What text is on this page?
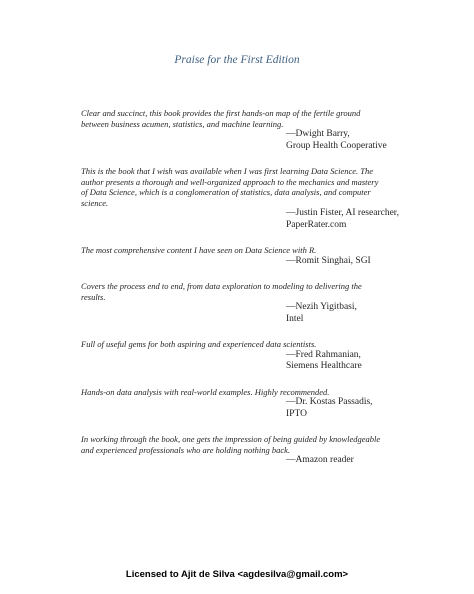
Praise for the First Edition

Clear and succinct, this book provides the first hands-on map of the fertile ground
between business acumen, statistics, and machine learning.

—Dwight Barry,
Group Health Cooperative

This is the book that I wish was available when I was first learning Data Science. The
author presents a thorough and well-organized approach to the mechanics and mastery
of Data Science, which is a conglomeration of statistics, data analysis, and computer
science.

—Justin Fister, AI researcher,
PaperRater.com

The most comprehensive content I have seen on Data Science with R.

—Romit Singhai, SGI

Covers the process end to end, from data exploration to modeling to delivering the
results.

—Nezih Yigitbasi,
Intel

Full of useful gems for both aspiring and experienced data scientists.

—Fred Rahmanian,
Siemens Healthcare

Hands-on data analysis with real-world examples. Highly recommended.

—Dr. Kostas Passadis,
IPTO

In working through the book, one gets the impression of being guided by knowledgeable
and experienced professionals who are holding nothing back.

—Amazon reader
Licensed to Ajit de Silva <agdesilva@gmail.com>
